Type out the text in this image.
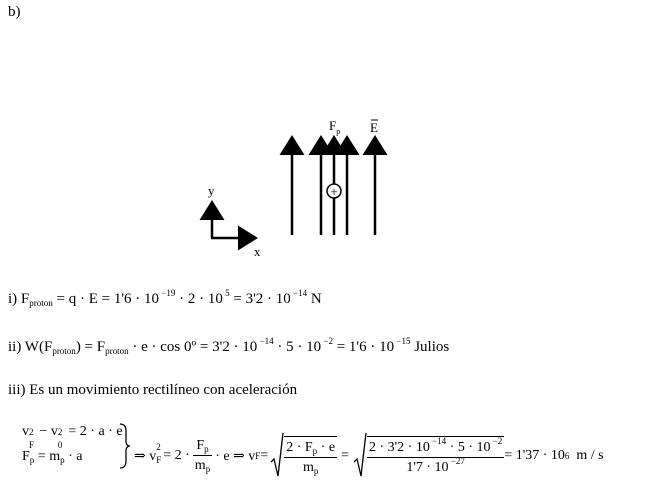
b)
+
$F_p$ E
y
x
i) $F_{proton} = q \cdot E = 1'6 \cdot 10$ $^{-19}$ · 2 · 10 $^5$ = 3'2 · 10 $^{-14}$ N
ii) $W(F_{proton}) = F_{proton} \cdot e \cdot \cos$ 0º = 3'2 · 10 $^{-14}$ · 5 · 10 $^{-2}$ = 1'6 · 10 $^{-15}$ Julios
iii) Es un movimiento rectilíneo con aceleración
v 2
F
− v 2
0
= 2 · a · e
$F_p = m_p \cdot a$	⇒ v
2
$F = 2 \cdot \frac{F_p}{m_p} \cdot e$ ⇒ v $F = \frac{2 \cdot F_p \cdot e}{m_p} = \frac{2 \cdot 3'2 \cdot 10 ^{-14} \cdot 5 \cdot 10 ^{-2}}{1'7 \cdot 10 ^{-27}} = 1'37 \cdot 10$ 6 m / s
